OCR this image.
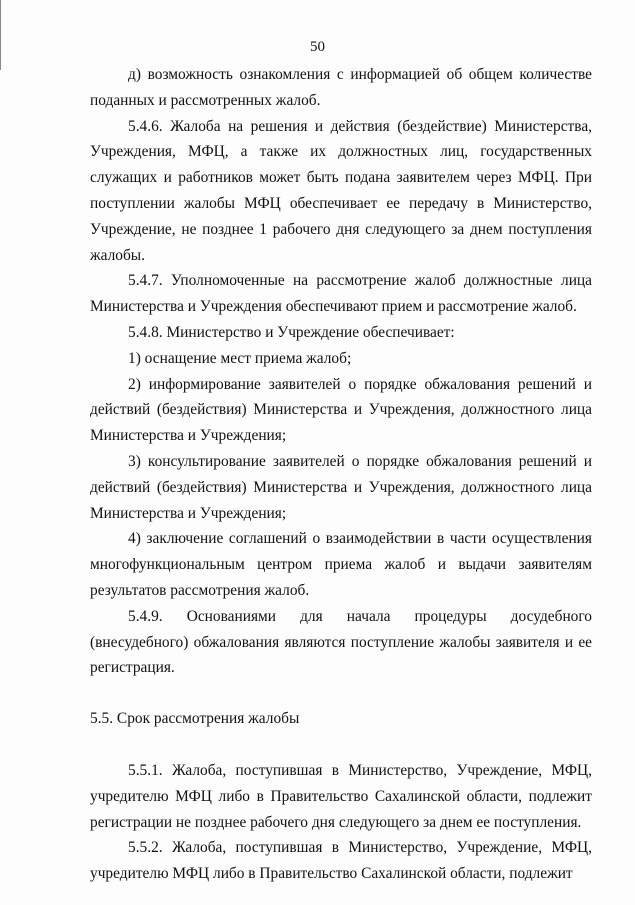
50

д) возможность ознакомления с информацией об общем количестве поданных и рассмотренных жалоб.

5.4.6. Жалоба на решения и действия (бездействие) Министерства, Учреждения, МФЦ, а также их должностных лиц, государственных служащих и работников может быть подана заявителем через МФЦ. При поступлении жалобы МФЦ обеспечивает ее передачу в Министерство, Учреждение, не позднее 1 рабочего дня следующего за днем поступления жалобы.

5.4.7. Уполномоченные на рассмотрение жалоб должностные лица Министерства и Учреждения обеспечивают прием и рассмотрение жалоб.

5.4.8. Министерство и Учреждение обеспечивает:

1) оснащение мест приема жалоб;

2) информирование заявителей о порядке обжалования решений и действий (бездействия) Министерства и Учреждения, должностного лица Министерства и Учреждения;

3) консультирование заявителей о порядке обжалования решений и действий (бездействия) Министерства и Учреждения, должностного лица Министерства и Учреждения;

4) заключение соглашений о взаимодействии в части осуществления многофункциональным центром приема жалоб и выдачи заявителям результатов рассмотрения жалоб.

5.4.9. Основаниями для начала процедуры досудебного (внесудебного) обжалования являются поступление жалобы заявителя и ее регистрация.

5.5. Срок рассмотрения жалобы

5.5.1. Жалоба, поступившая в Министерство, Учреждение, МФЦ, учредителю МФЦ либо в Правительство Сахалинской области, подлежит регистрации не позднее рабочего дня следующего за днем ее поступления.

5.5.2. Жалоба, поступившая в Министерство, Учреждение, МФЦ, учредителю МФЦ либо в Правительство Сахалинской области, подлежит
